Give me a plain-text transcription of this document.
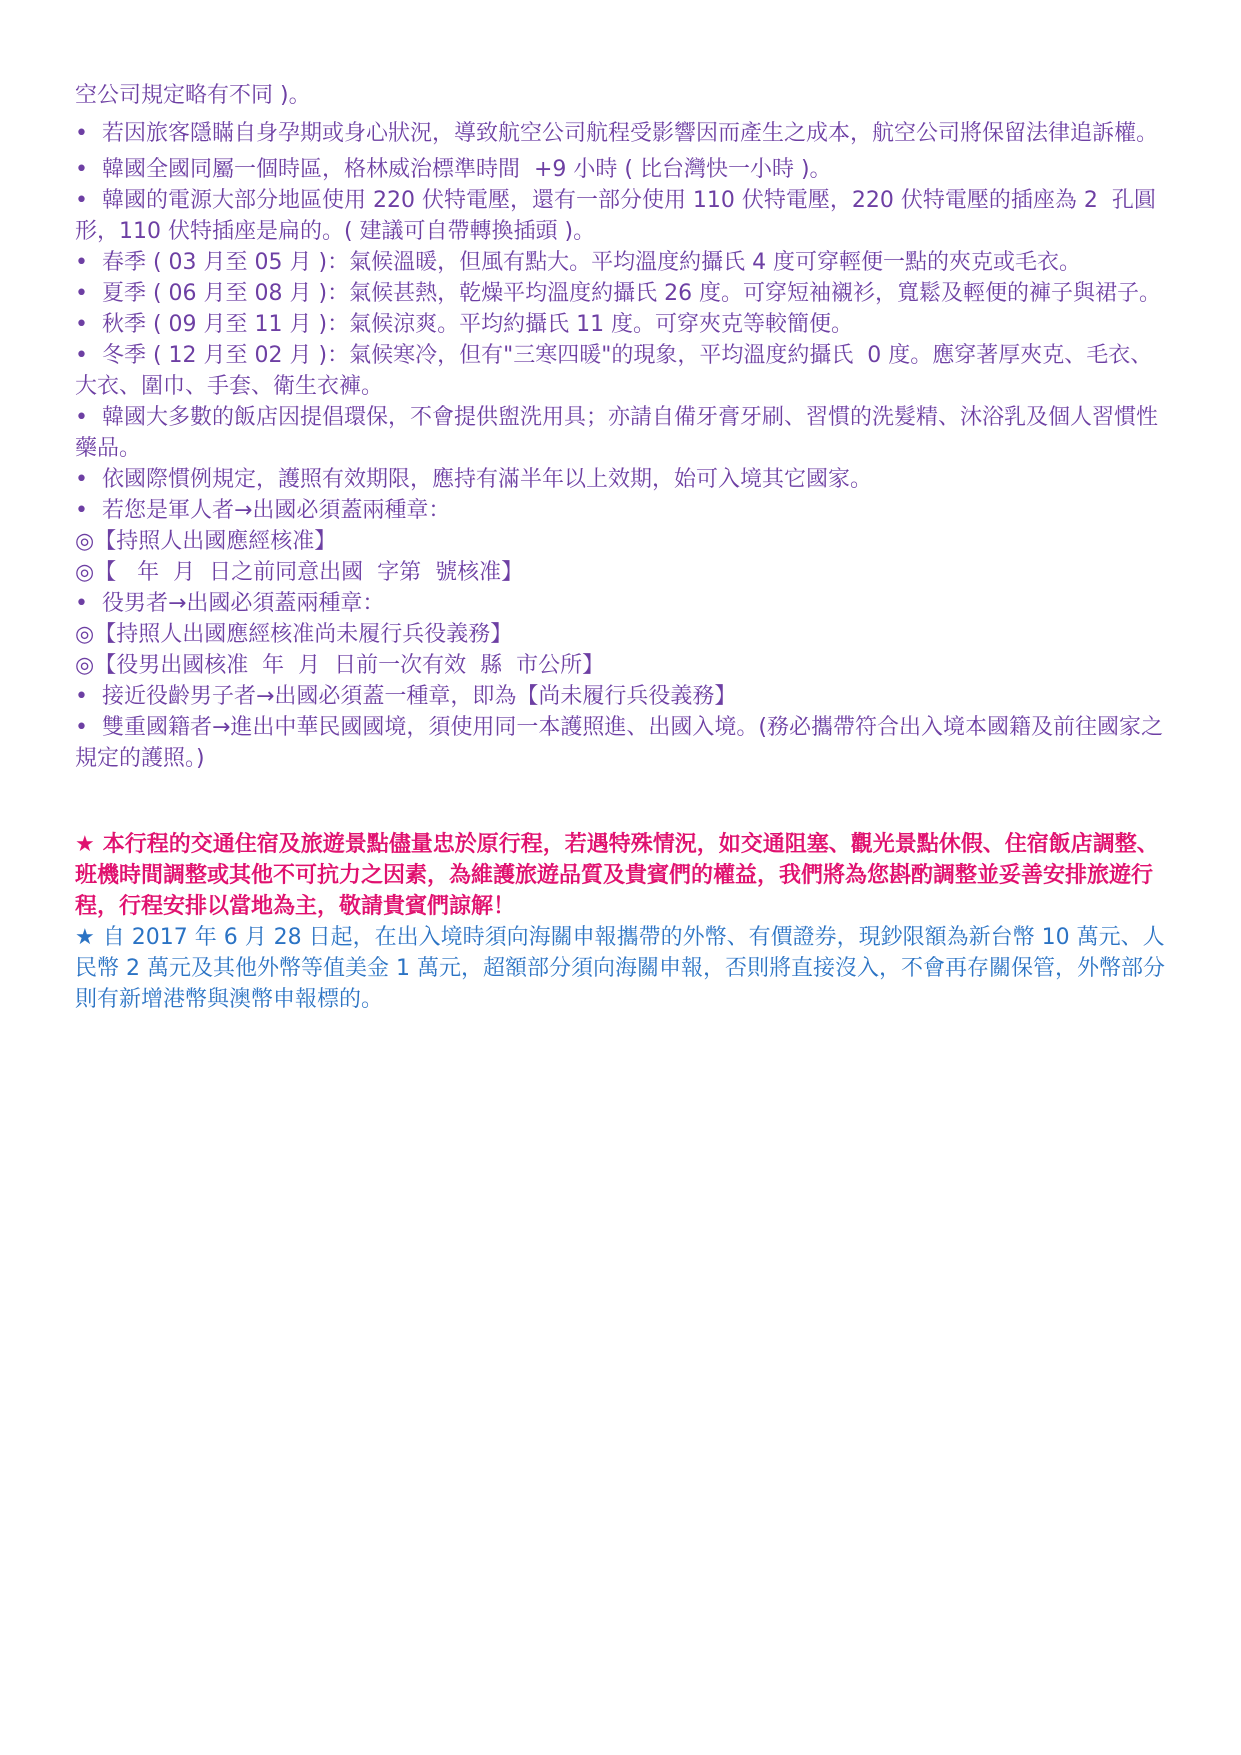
空公司規定略有不同 )。

•  若因旅客隱瞞自身孕期或身心狀況，導致航空公司航程受影響因而產生之成本，航空公司將保留法律追訴權。

•  韓國全國同屬一個時區，格林威治標準時間  +9 小時 ( 比台灣快一小時 )。

•  韓國的電源大部分地區使用 220 伏特電壓，還有一部分使用 110 伏特電壓，220 伏特電壓的插座為 2  孔圓形，110 伏特插座是扁的。( 建議可自帶轉換插頭 )。

•  春季 ( 03 月至 05 月 )：氣候溫暖，但風有點大。平均溫度約攝氏 4 度可穿輕便一點的夾克或毛衣。

•  夏季 ( 06 月至 08 月 )：氣候甚熱，乾燥平均溫度約攝氏 26 度。可穿短袖襯衫，寬鬆及輕便的褲子與裙子。

•  秋季 ( 09 月至 11 月 )：氣候涼爽。平均約攝氏 11 度。可穿夾克等較簡便。

•  冬季 ( 12 月至 02 月 )：氣候寒冷，但有"三寒四暖"的現象，平均溫度約攝氏  0 度。應穿著厚夾克、毛衣、大衣、圍巾、手套、衛生衣褲。

•  韓國大多數的飯店因提倡環保，不會提供盥洗用具；亦請自備牙膏牙刷、習慣的洗髮精、沐浴乳及個人習慣性藥品。

•  依國際慣例規定，護照有效期限，應持有滿半年以上效期，始可入境其它國家。

•  若您是軍人者→出國必須蓋兩種章：

◎【持照人出國應經核准】

◎【   年  月  日之前同意出國  字第  號核准】

•  役男者→出國必須蓋兩種章：

◎【持照人出國應經核准尚未履行兵役義務】

◎【役男出國核准  年  月  日前一次有效  縣  市公所】

•  接近役齡男子者→出國必須蓋一種章，即為【尚未履行兵役義務】

•  雙重國籍者→進出中華民國國境，須使用同一本護照進、出國入境。(務必攜帶符合出入境本國籍及前往國家之規定的護照。)

★ 本行程的交通住宿及旅遊景點儘量忠於原行程，若遇特殊情況，如交通阻塞、觀光景點休假、住宿飯店調整、班機時間調整或其他不可抗力之因素，為維護旅遊品質及貴賓們的權益，我們將為您斟酌調整並妥善安排旅遊行程，行程安排以當地為主，敬請貴賓們諒解！

★ 自 2017 年 6 月 28 日起，在出入境時須向海關申報攜帶的外幣、有價證券，現鈔限額為新台幣 10 萬元、人民幣 2 萬元及其他外幣等值美金 1 萬元，超額部分須向海關申報，否則將直接沒入，不會再存關保管，外幣部分則有新增港幣與澳幣申報標的。
